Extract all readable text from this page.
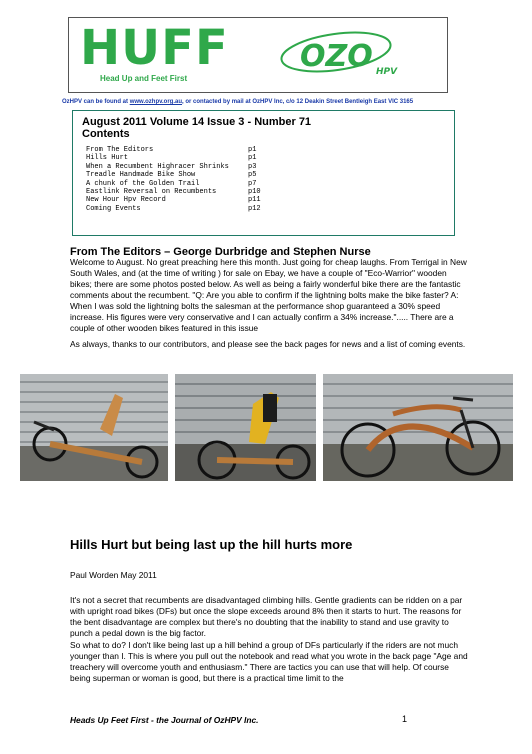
HUFF
Head Up and Feet First
OZO HPV
OzHPV can be found at www.ozhpv.org.au, or contacted by mail at OzHPV Inc, c/o 12 Deakin Street Bentleigh East VIC 3165
August 2011 Volume 14 Issue 3 - Number 71
Contents
From The Editors	p1
Hills Hurt	p1
When a Recumbent Highracer Shrinks	p3
Treadle Handmade Bike Show	p5
A chunk of the Golden Trail	p7
Eastlink Reversal on Recumbents	p10
New Hour Hpv Record	p11
Coming Events	p12
From The Editors – George Durbridge and Stephen Nurse
Welcome to August. No great preaching here this month. Just going for cheap laughs. From Terrigal in New South Wales, and (at the time of writing ) for sale on Ebay, we have a couple of "Eco-Warrior" wooden bikes; there are some photos posted below. As well as being a fairly wonderful bike there are the fantastic comments about the recumbent. "Q: Are you able to confirm if the lightning bolts make the bike faster? A: When I was sold the lightning bolts the salesman at the performance shop guaranteed a 30% speed increase. His figures were very conservative and I can actually confirm a 34% increase."..... There are a couple of other wooden bikes featured in this issue
As always, thanks to our contributors, and please see the back pages for news and a list of coming events.
Hills Hurt but being last up the hill hurts more
Paul Worden May 2011
It's not a secret that recumbents are disadvantaged climbing hills. Gentle gradients can be ridden on a par with upright road bikes (DFs) but once the slope exceeds around 8% then it starts to hurt. The reasons for the bent disadvantage are complex but there's no doubting that the inability to stand and use gravity to punch a pedal down is the big factor.
So what to do? I don't like being last up a hill behind a group of DFs particularly if the riders are not much younger than I. This is where you pull out the notebook and read what you wrote in the back page "Age and treachery will overcome youth and enthusiasm." There are tactics you can use that will help. Of course being superman or woman is good, but there is a practical time limit to the
Heads Up Feet First - the Journal of OzHPV Inc.	1
